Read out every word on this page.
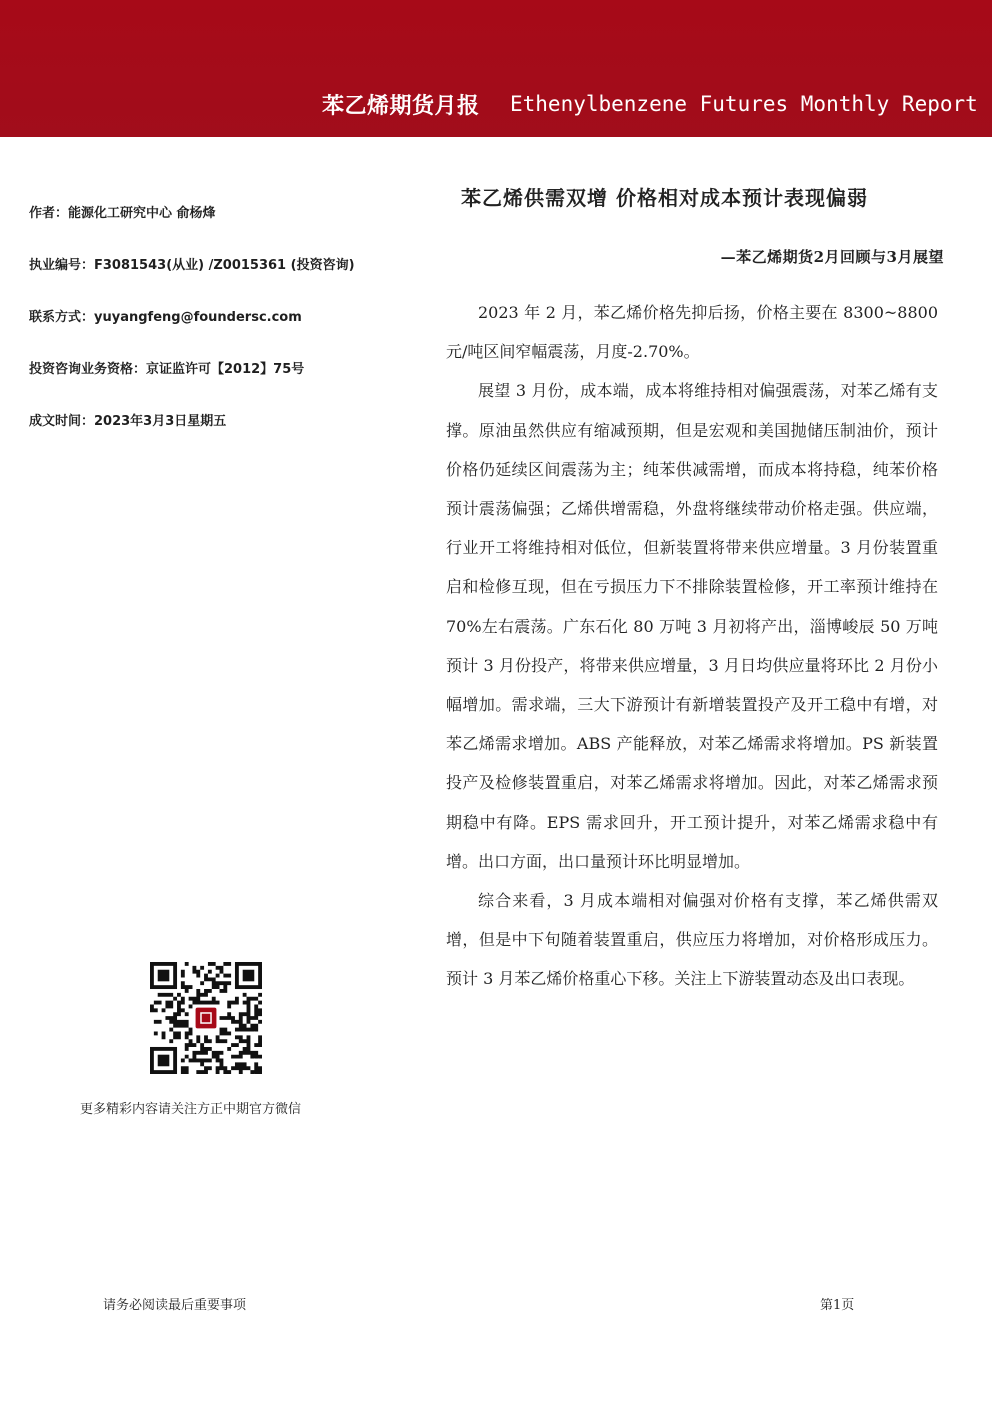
苯乙烯期货月报 Ethenylbenzene Futures Monthly Report
作者：能源化工研究中心 俞杨烽
执业编号：F3081543(从业) /Z0015361 (投资咨询)
联系方式：yuyangfeng@foundersc.com
投资咨询业务资格：京证监许可【2012】75号
成文时间：2023年3月3日星期五
苯乙烯供需双增 价格相对成本预计表现偏弱
—苯乙烯期货2月回顾与3月展望

2023 年 2 月，苯乙烯价格先抑后扬，价格主要在 8300~8800 元/吨区间窄幅震荡，月度-2.70%。

展望 3 月份，成本端，成本将维持相对偏强震荡，对苯乙烯有支撑。原油虽然供应有缩减预期，但是宏观和美国抛储压制油价，预计价格仍延续区间震荡为主；纯苯供减需增，而成本将持稳，纯苯价格预计震荡偏强；乙烯供增需稳，外盘将继续带动价格走强。供应端，行业开工将维持相对低位，但新装置将带来供应增量。3 月份装置重启和检修互现，但在亏损压力下不排除装置检修，开工率预计维持在 70%左右震荡。广东石化 80 万吨 3 月初将产出，淄博峻辰 50 万吨预计 3 月份投产，将带来供应增量，3 月日均供应量将环比 2 月份小幅增加。需求端，三大下游预计有新增装置投产及开工稳中有增，对苯乙烯需求增加。ABS 产能释放，对苯乙烯需求将增加。PS 新装置投产及检修装置重启，对苯乙烯需求将增加。因此，对苯乙烯需求预期稳中有降。EPS 需求回升，开工预计提升，对苯乙烯需求稳中有增。出口方面，出口量预计环比明显增加。

综合来看，3 月成本端相对偏强对价格有支撑，苯乙烯供需双增，但是中下旬随着装置重启，供应压力将增加，对价格形成压力。预计 3 月苯乙烯价格重心下移。关注上下游装置动态及出口表现。

更多精彩内容请关注方正中期官方微信
请务必阅读最后重要事项	第1页
